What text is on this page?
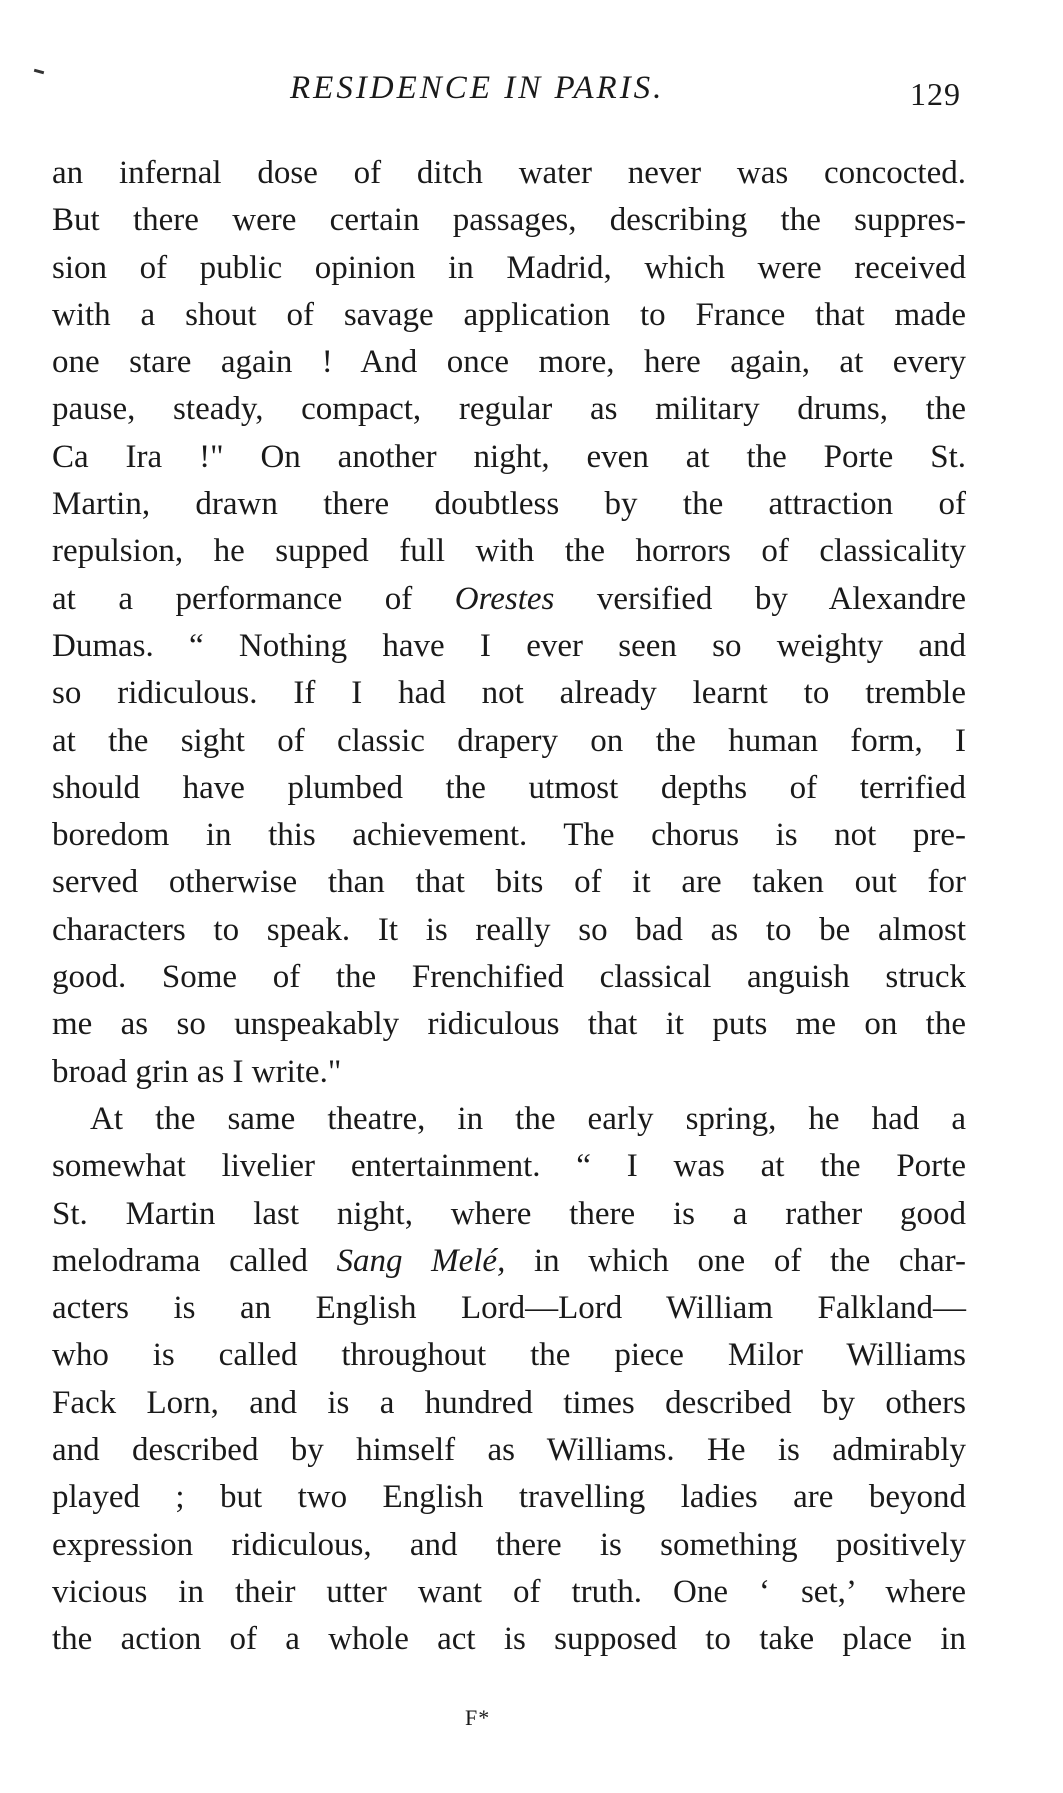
RESIDENCE IN PARIS.	129
an infernal dose of ditch water never was concocted.
But there were certain passages, describing the suppres-
sion of public opinion in Madrid, which were received
with a shout of savage application to France that made
one stare again ! And once more, here again, at every
pause, steady, compact, regular as military drums, the
Ca Ira !" On another night, even at the Porte St.
Martin, drawn there doubtless by the attraction of
repulsion, he supped full with the horrors of classicality
at a performance of Orestes versified by Alexandre
Dumas. “ Nothing have I ever seen so weighty and
so ridiculous. If I had not already learnt to tremble
at the sight of classic drapery on the human form, I
should have plumbed the utmost depths of terrified
boredom in this achievement. The chorus is not pre-
served otherwise than that bits of it are taken out for
characters to speak. It is really so bad as to be almost
good. Some of the Frenchified classical anguish struck
me as so unspeakably ridiculous that it puts me on the
broad grin as I write."
At the same theatre, in the early spring, he had a
somewhat livelier entertainment. “ I was at the Porte
St. Martin last night, where there is a rather good
melodrama called Sang Melé, in which one of the char-
acters is an English Lord—Lord William Falkland—
who is called throughout the piece Milor Williams
Fack Lorn, and is a hundred times described by others
and described by himself as Williams. He is admirably
played ; but two English travelling ladies are beyond
expression ridiculous, and there is something positively
vicious in their utter want of truth. One ‘ set,’ where
the action of a whole act is supposed to take place in
F*
